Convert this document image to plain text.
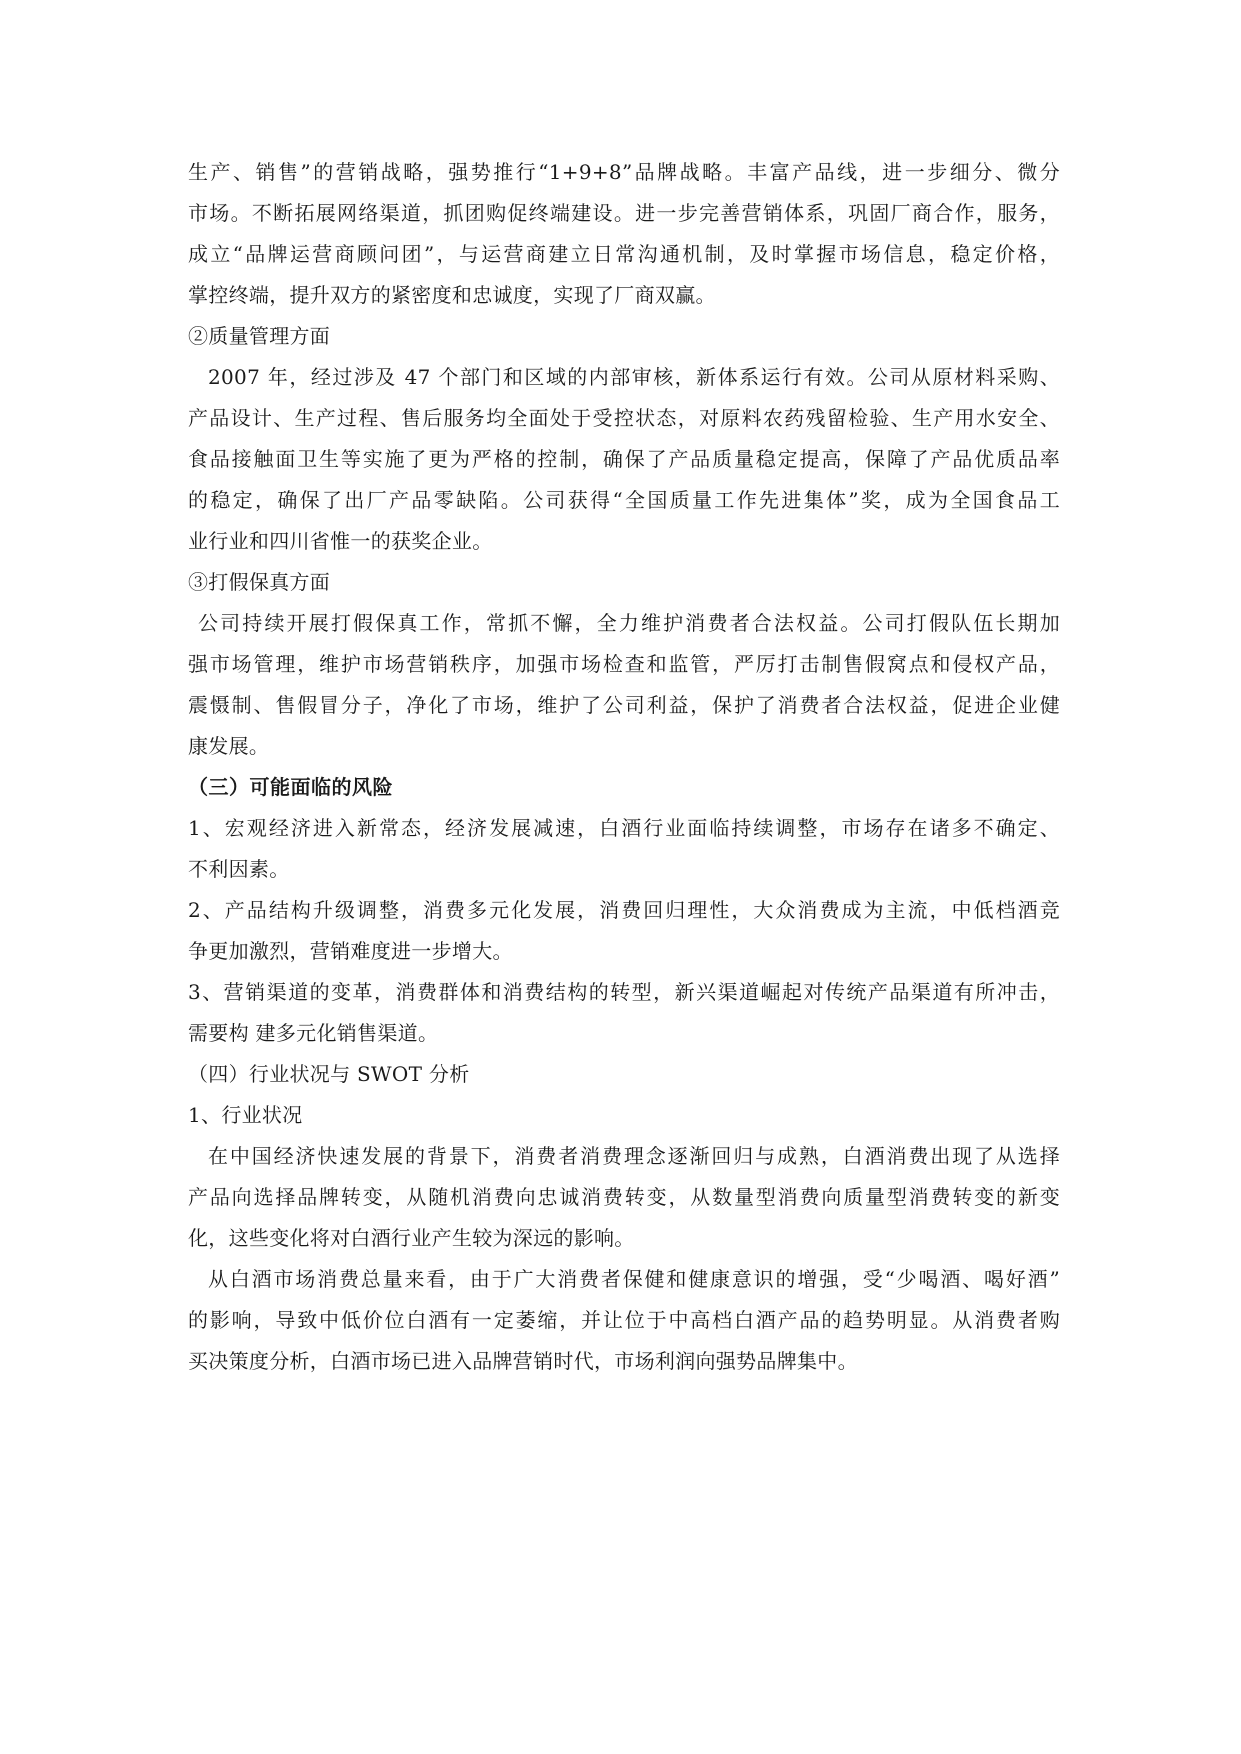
生产、销售”的营销战略，强势推行“1+9+8”品牌战略。丰富产品线，进一步细分、微分
市场。不断拓展网络渠道，抓团购促终端建设。进一步完善营销体系，巩固厂商合作，服务，
成立“品牌运营商顾问团”，与运营商建立日常沟通机制，及时掌握市场信息，稳定价格，
掌控终端，提升双方的紧密度和忠诚度，实现了厂商双赢。
②质量管理方面
2007 年，经过涉及 47 个部门和区域的内部审核，新体系运行有效。公司从原材料采购、
产品设计、生产过程、售后服务均全面处于受控状态，对原料农药残留检验、生产用水安全、
食品接触面卫生等实施了更为严格的控制，确保了产品质量稳定提高，保障了产品优质品率
的稳定，确保了出厂产品零缺陷。公司获得“全国质量工作先进集体”奖，成为全国食品工
业行业和四川省惟一的获奖企业。
③打假保真方面
公司持续开展打假保真工作，常抓不懈，全力维护消费者合法权益。公司打假队伍长期加
强市场管理，维护市场营销秩序，加强市场检查和监管，严厉打击制售假窝点和侵权产品，
震慑制、售假冒分子，净化了市场，维护了公司利益，保护了消费者合法权益，促进企业健
康发展。
（三）可能面临的风险
1、宏观经济进入新常态，经济发展减速，白酒行业面临持续调整，市场存在诸多不确定、
不利因素。
2、产品结构升级调整，消费多元化发展，消费回归理性，大众消费成为主流，中低档酒竞
争更加激烈，营销难度进一步增大。
3、营销渠道的变革，消费群体和消费结构的转型，新兴渠道崛起对传统产品渠道有所冲击，
需要构 建多元化销售渠道。
（四）行业状况与 SWOT 分析
1、行业状况
在中国经济快速发展的背景下，消费者消费理念逐渐回归与成熟，白酒消费出现了从选择
产品向选择品牌转变，从随机消费向忠诚消费转变，从数量型消费向质量型消费转变的新变
化，这些变化将对白酒行业产生较为深远的影响。
从白酒市场消费总量来看，由于广大消费者保健和健康意识的增强，受“少喝酒、喝好酒”
的影响，导致中低价位白酒有一定萎缩，并让位于中高档白酒产品的趋势明显。从消费者购
买决策度分析，白酒市场已进入品牌营销时代，市场利润向强势品牌集中。
